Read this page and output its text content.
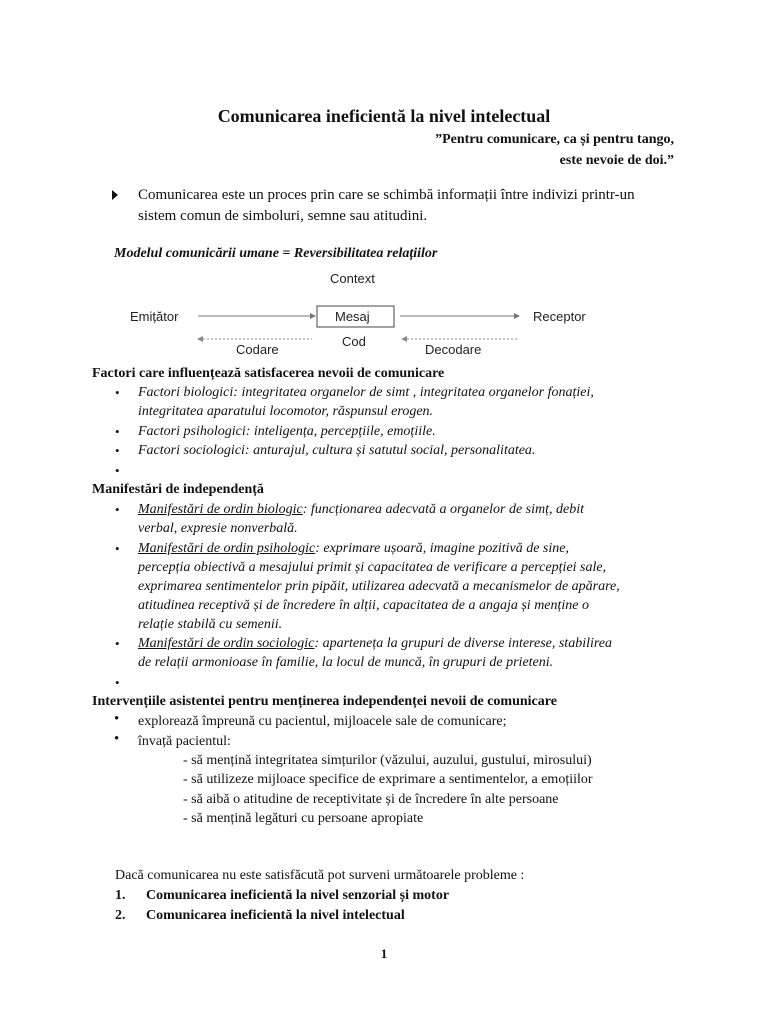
Comunicarea ineficientă la nivel intelectual
”Pentru comunicare, ca și pentru tango,
este nevoie de doi.”
Comunicarea este un proces prin care se schimbă informații între indivizi printr-un
sistem comun de simboluri, semne sau atitudini.
Modelul comunicării umane = Reversibilitatea relațiilor
Context
Emițător	Mesaj	Receptor
Cod
Codare	Decodare
Factori care influențează satisfacerea nevoii de comunicare
• Factori biologici: integritatea organelor de simt , integritatea organelor fonației,
integritatea aparatului locomotor, răspunsul erogen.
• Factori psihologici: inteligența, percepțiile, emoțiile.
• Factori sociologici: anturajul, cultura și satutul social, personalitatea.
•
Manifestări de independență
• Manifestări de ordin biologic: funcționarea adecvată a organelor de simț, debit
verbal, expresie nonverbală.
• Manifestări de ordin psihologic: exprimare ușoară, imagine pozitivă de sine,
percepția obiectivă a mesajului primit și capacitatea de verificare a percepției sale,
exprimarea sentimentelor prin pipăit, utilizarea adecvată a mecanismelor de apărare,
atitudinea receptivă și de încredere în alții, capacitatea de a angaja și menține o
relație stabilă cu semenii.
• Manifestări de ordin sociologic: aparteneța la grupuri de diverse interese, stabilirea
de relații armonioase în familie, la locul de muncă, în grupuri de prieteni.
•
Intervențiile asistentei pentru menținerea independenței nevoii de comunicare
• explorează împreună cu pacientul, mijloacele sale de comunicare;
• învață pacientul:
- să mențină integritatea simțurilor (văzului, auzului, gustului, mirosului)
- să utilizeze mijloace specifice de exprimare a sentimentelor, a emoțiilor
- să aibă o atitudine de receptivitate și de încredere în alte persoane
- să mențină legături cu persoane apropiate
Dacă comunicarea nu este satisfăcută pot surveni următoarele probleme :
1. Comunicarea ineficientă la nivel senzorial și motor
2. Comunicarea ineficientă la nivel intelectual
1
